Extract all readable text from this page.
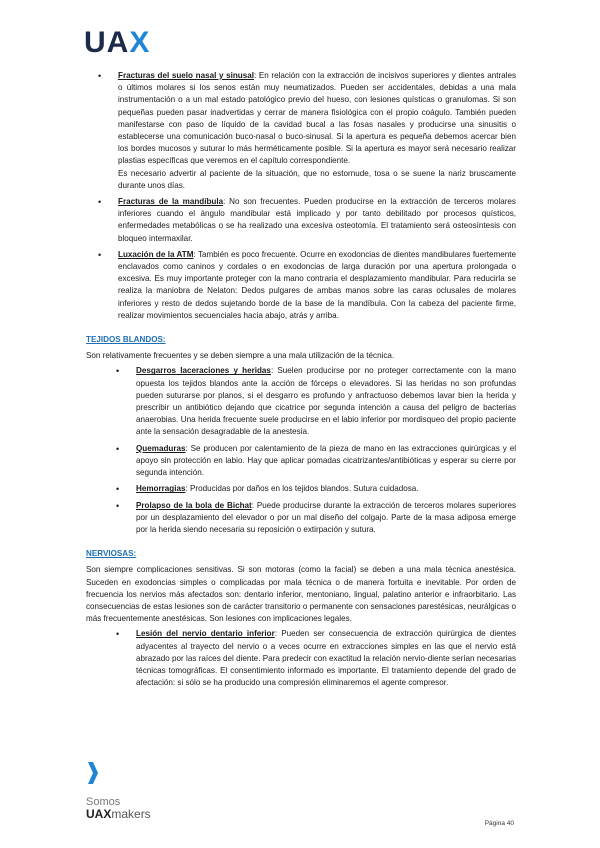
UAX
• Fracturas del suelo nasal y sinusal: En relación con la extracción de incisivos superiores y dientes antrales o últimos molares si los senos están muy neumatizados. Pueden ser accidentales, debidas a una mala instrumentación o a un mal estado patológico previo del hueso, con lesiones quísticas o granulomas. Si son pequeñas pueden pasar inadvertidas y cerrar de manera fisiológica con el propio coágulo. También pueden manifestarse con paso de líquido de la cavidad bucal a las fosas nasales y producirse una sinusitis o establecerse una comunicación buco-nasal o buco-sinusal. Si la apertura es pequeña debemos acercar bien los bordes mucosos y suturar lo más herméticamente posible. Si la apertura es mayor será necesario realizar plastias específicas que veremos en el capítulo correspondiente.

Es necesario advertir al paciente de la situación, que no estornude, tosa o se suene la nariz bruscamente durante unos días.

• Fracturas de la mandíbula: No son frecuentes. Pueden producirse en la extracción de terceros molares inferiores cuando el ángulo mandibular está implicado y por tanto debilitado por procesos quísticos, enfermedades metabólicas o se ha realizado una excesiva osteotomía. El tratamiento será osteosíntesis con bloqueo intermaxilar.
• Luxación de la ATM: También es poco frecuente. Ocurre en exodoncias de dientes mandibulares fuertemente enclavados como caninos y cordales o en exodoncias de larga duración por una apertura prolongada o excesiva. Es muy importante proteger con la mano contraria el desplazamiento mandibular. Para reducirla se realiza la maniobra de Nelaton: Dedos pulgares de ambas manos sobre las caras oclusales de molares inferiores y resto de dedos sujetando borde de la base de la mandíbula. Con la cabeza del paciente firme, realizar movimientos secuenciales hacia abajo, atrás y arriba.
TEJIDOS BLANDOS:

Son relativamente frecuentes y se deben siempre a una mala utilización de la técnica.

• Desgarros laceraciones y heridas: Suelen producirse por no proteger correctamente con la mano opuesta los tejidos blandos ante la acción de fórceps o elevadores. Si las heridas no son profundas pueden suturarse por planos, si el desgarro es profundo y anfractuoso debemos lavar bien la herida y prescribir un antibiótico dejando que cicatrice por segunda intención a causa del peligro de bacterias anaerobias. Una herida frecuente suele producirse en el labio inferior por mordisqueo del propio paciente ante la sensación desagradable de la anestesia.
• Quemaduras: Se producen por calentamiento de la pieza de mano en las extracciones quirúrgicas y el apoyo sin protección en labio. Hay que aplicar pomadas cicatrizantes/antibióticas y esperar su cierre por segunda intención.
• Hemorragias: Producidas por daños en los tejidos blandos. Sutura cuidadosa.
• Prolapso de la bola de Bichat: Puede producirse durante la extracción de terceros molares superiores por un desplazamiento del elevador o por un mal diseño del colgajo. Parte de la masa adiposa emerge por la herida siendo necesaria su reposición o extirpación y sutura.
NERVIOSAS:

Son siempre complicaciones sensitivas. Si son motoras (como la facial) se deben a una mala técnica anestésica. Suceden en exodoncias simples o complicadas por mala técnica o de manera fortuita e inevitable. Por orden de frecuencia los nervios más afectados son: dentario inferior, mentoniano, lingual, palatino anterior e infraorbitario. Las consecuencias de estas lesiones son de carácter transitorio o permanente con sensaciones parestésicas, neurálgicas o más frecuentemente anestésicas. Son lesiones con implicaciones legales.

• Lesión del nervio dentario inferior: Pueden ser consecuencia de extracción quirúrgica de dientes adyacentes al trayecto del nervio o a veces ocurre en extracciones simples en las que el nervio está abrazado por las raíces del diente. Para predecir con exactitud la relación nervio-diente serían necesarias técnicas tomográficas. El consentimiento informado es importante. El tratamiento depende del grado de afectación: si sólo se ha producido una compresión eliminaremos el agente compresor.
Somos
UAXmakers
Página 40
